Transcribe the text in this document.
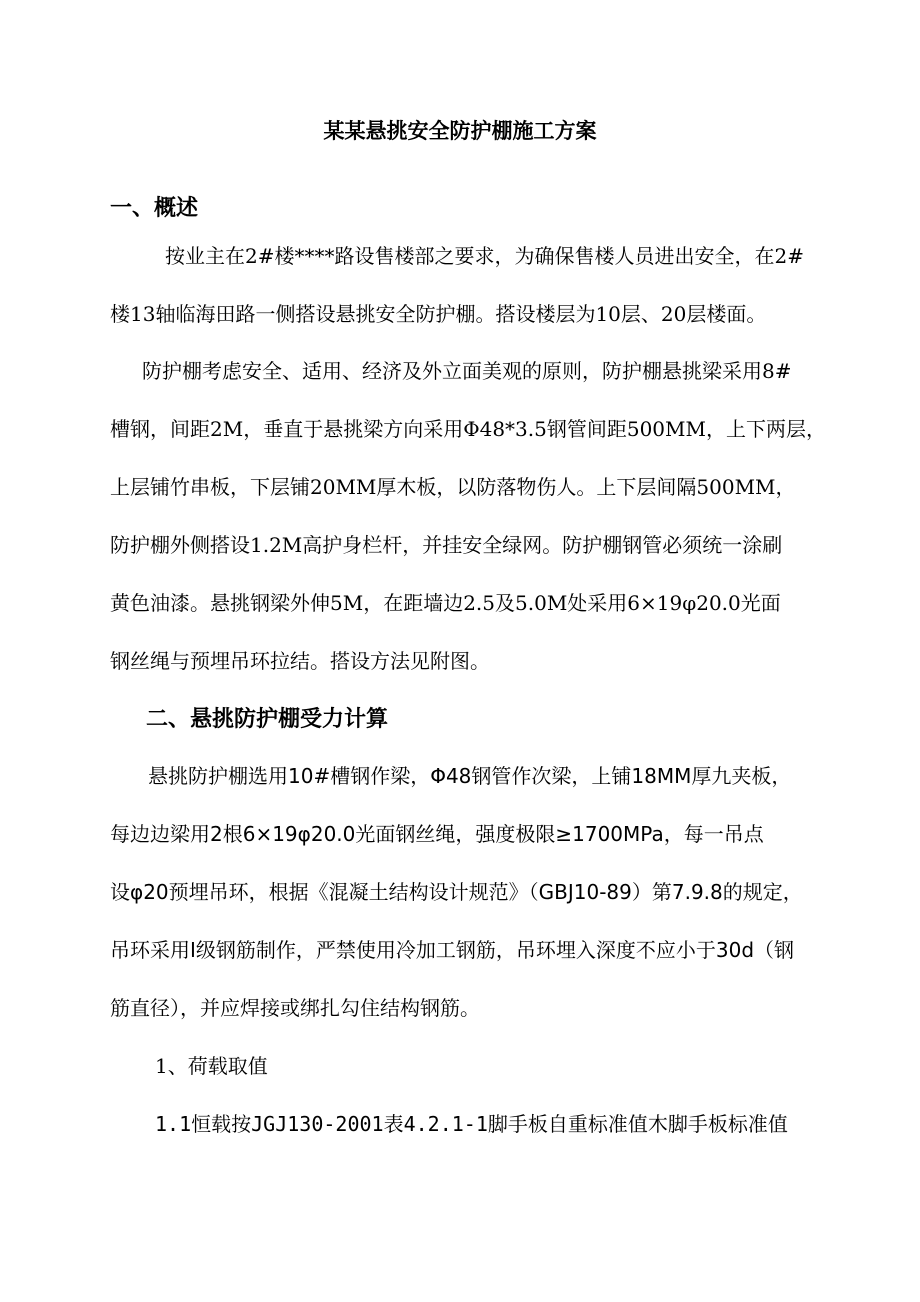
某某悬挑安全防护棚施工方案
一、概述
按业主在2#楼****路设售楼部之要求，为确保售楼人员进出安全，在2#
楼13轴临海田路一侧搭设悬挑安全防护棚。搭设楼层为10层、20层楼面。
防护棚考虑安全、适用、经济及外立面美观的原则，防护棚悬挑梁采用8#
槽钢，间距2M，垂直于悬挑梁方向采用Φ48*3.5钢管间距500MM，上下两层，
上层铺竹串板，下层铺20MM厚木板，以防落物伤人。上下层间隔500MM，
防护棚外侧搭设1.2M高护身栏杆，并挂安全绿网。防护棚钢管必须统一涂刷
黄色油漆。悬挑钢梁外伸5M，在距墙边2.5及5.0M处采用6×19φ20.0光面
钢丝绳与预埋吊环拉结。搭设方法见附图。
二、悬挑防护棚受力计算
悬挑防护棚选用10#槽钢作梁，Φ48钢管作次梁，上铺18MM厚九夹板，
每边边梁用2根6×19φ20.0光面钢丝绳，强度极限≥1700MPa，每一吊点
设φ20预埋吊环，根据《混凝土结构设计规范》（GBJ10-89）第7.9.8的规定，
吊环采用Ⅰ级钢筋制作，严禁使用冷加工钢筋，吊环埋入深度不应小于30d（钢
筋直径），并应焊接或绑扎勾住结构钢筋。
1、荷载取值
1.1恒载按JGJ130-2001表4.2.1-1脚手板自重标准值木脚手板标准值
